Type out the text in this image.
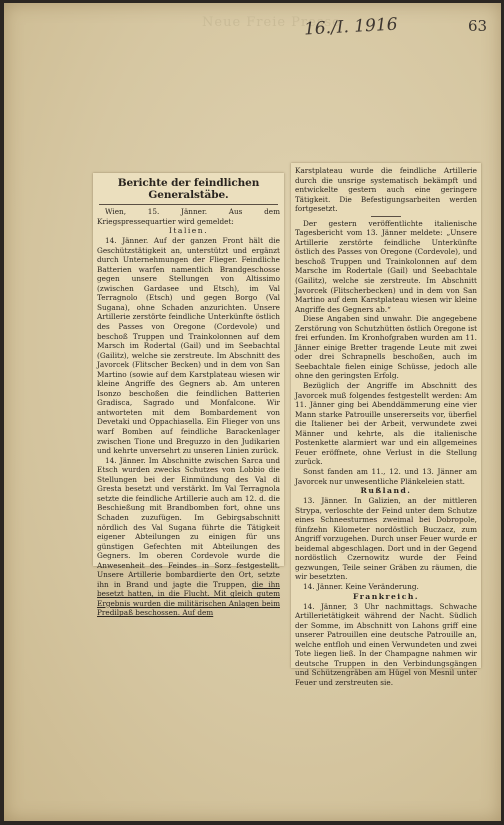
Neue Freie Presse
16./I. 1916	63
Berichte der feindlichen Generalstäbe.
Wien, 15. Jänner. Aus dem Kriegspressequartier wird gemeldet:
Italien.
14. Jänner. Auf der ganzen Front hält die Geschützstätigkeit an, unterstützt und ergänzt durch Unternehmungen der Flieger. Feindliche Batterien warfen namentlich Brandgeschosse gegen unsere Stellungen von Altissimo (zwischen Gardasee und Etsch), im Val Terragnolo (Etsch) und gegen Borgo (Val Sugana), ohne Schaden anzurichten. Unsere Artillerie zerstörte feindliche Unterkünfte östlich des Passes von Oregone (Cordevole) und beschoß Truppen und Trainkolonnen auf dem Marsch im Rodertal (Gail) und im Seebachtal (Gailitz), welche sie zerstreute. Im Abschnitt des Javorcek (Flitscher Becken) und in dem von San Martino (sowie auf dem Karstplateau wiesen wir kleine Angriffe des Gegners ab. Am unteren Isonzo beschoßen die feindlichen Batterien Gradisca, Sagrado und Monfalcone. Wir antworteten mit dem Bombardement von Devetaki und Oppachiasella. Ein Flieger von uns warf Bomben auf feindliche Barackenlager zwischen Tione und Breguzzo in den Judikarien und kehrte unversehrt zu unseren Linien zurück.
14. Jänner. Im Abschnitte zwischen Sarca und Etsch wurden zwecks Schutzes von Lobbio die Stellungen bei der Einmündung des Val di Gresta besetzt und verstärkt. Im Val Terragnola setzte die feindliche Artillerie auch am 12. d. die Beschießung mit Brandbomben fort, ohne uns Schaden zuzufügen. Im Gebirgsabschnitt nördlich des Val Sugana führte die Tätigkeit eigener Abteilungen zu einigen für uns günstigen Gefechten mit Abteilungen des Gegners. Im oberen Cordevole wurde die Anwesenheit des Feindes in Sorz festgestellt. Unsere Artillerie bombardierte den Ort, setzte ihn in Brand und jagte die Truppen, die ihn besetzt hatten, in die Flucht. Mit gleich gutem Ergebnis wurden die militärischen Anlagen beim Predilpaß beschossen. Auf dem
Karstplateau wurde die feindliche Artillerie durch die unsrige systematisch bekämpft und entwickelte gestern auch eine geringere Tätigkeit. Die Befestigungsarbeiten werden fortgesetzt.
Der gestern veröffentlichte italienische Tagesbericht vom 13. Jänner meldete: „Unsere Artillerie zerstörte feindliche Unterkünfte östlich des Passes von Oregone (Cordevole), und beschoß Truppen und Trainkolonnen auf dem Marsche im Rodertale (Gail) und Seebachtale (Gailitz), welche sie zerstreute. Im Abschnitt Javorcek (Flitscherbecken) und in dem von San Martino auf dem Karstplateau wiesen wir kleine Angriffe des Gegners ab.“
Diese Angaben sind unwahr. Die angegebene Zerstörung von Schutzhütten östlich Oregone ist frei erfunden. Im Kronhofgraben wurden am 11. Jänner einige Bretter tragende Leute mit zwei oder drei Schrapnells beschoßen, auch im Seebachtale fielen einige Schüsse, jedoch alle ohne den geringsten Erfolg.
Bezüglich der Angriffe im Abschnitt des Javorcek muß folgendes festgestellt werden: Am 11. Jänner ging bei Abenddämmerung eine vier Mann starke Patrouille unsererseits vor, überfiel die Italiener bei der Arbeit, verwundete zwei Männer und kehrte, als die italienische Postenkette alarmiert war und ein allgemeines Feuer eröffnete, ohne Verlust in die Stellung zurück.
Sonst fanden am 11., 12. und 13. Jänner am Javorcek nur unwesentliche Plänkeleien statt.
Rußland.
13. Jänner. In Galizien, an der mittleren Strypa, verloschte der Feind unter dem Schutze eines Schneesturmes zweimal bei Dobropole, fünfzehn Kilometer nordöstlich Buczacz, zum Angriff vorzugehen. Durch unser Feuer wurde er beidemal abgeschlagen. Dort und in der Gegend nordöstlich Czernowitz wurde der Feind gezwungen, Teile seiner Gräben zu räumen, die wir besetzten.
14. Jänner. Keine Veränderung.
Frankreich.
14. Jänner, 3 Uhr nachmittags. Schwache Artillerietätigkeit während der Nacht. Südlich der Somme, im Abschnitt von Lahons griff eine unserer Patrouillen eine deutsche Patrouille an, welche entfloh und einen Verwundeten und zwei Tote liegen ließ. In der Champagne nahmen wir deutsche Truppen in den Verbindungsgängen und Schützengräben am Hügel von Mesnil unter Feuer und zerstreuten sie.
